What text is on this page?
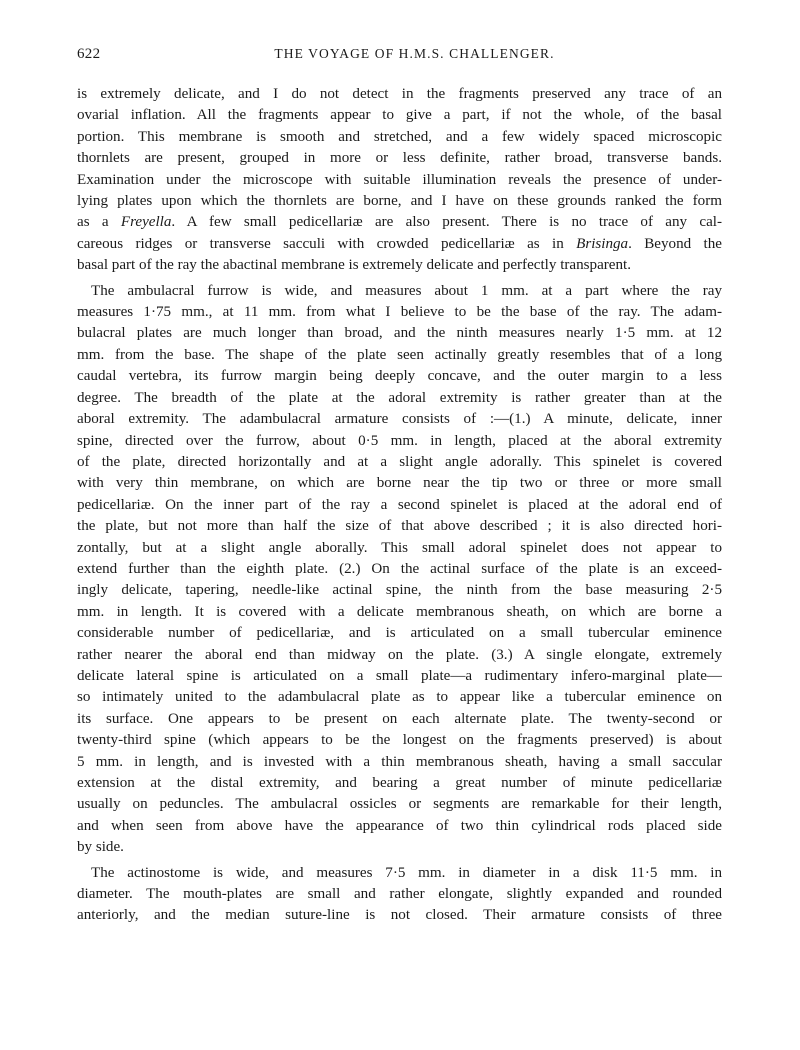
622	THE VOYAGE OF H.M.S. CHALLENGER.
is extremely delicate, and I do not detect in the fragments preserved any trace of an
ovarial inflation. All the fragments appear to give a part, if not the whole, of the basal
portion. This membrane is smooth and stretched, and a few widely spaced microscopic
thornlets are present, grouped in more or less definite, rather broad, transverse bands.
Examination under the microscope with suitable illumination reveals the presence of under-
lying plates upon which the thornlets are borne, and I have on these grounds ranked the form
as a Freyella. A few small pedicellariæ are also present. There is no trace of any cal-
careous ridges or transverse sacculi with crowded pedicellariæ as in Brisinga. Beyond the
basal part of the ray the abactinal membrane is extremely delicate and perfectly transparent.
The ambulacral furrow is wide, and measures about 1 mm. at a part where the ray
measures 1·75 mm., at 11 mm. from what I believe to be the base of the ray. The adam-
bulacral plates are much longer than broad, and the ninth measures nearly 1·5 mm. at 12
mm. from the base. The shape of the plate seen actinally greatly resembles that of a long
caudal vertebra, its furrow margin being deeply concave, and the outer margin to a less
degree. The breadth of the plate at the adoral extremity is rather greater than at the
aboral extremity. The adambulacral armature consists of :—(1.) A minute, delicate, inner
spine, directed over the furrow, about 0·5 mm. in length, placed at the aboral extremity
of the plate, directed horizontally and at a slight angle adorally. This spinelet is covered
with very thin membrane, on which are borne near the tip two or three or more small
pedicellariæ. On the inner part of the ray a second spinelet is placed at the adoral end of
the plate, but not more than half the size of that above described ; it is also directed hori-
zontally, but at a slight angle aborally. This small adoral spinelet does not appear to
extend further than the eighth plate. (2.) On the actinal surface of the plate is an exceed-
ingly delicate, tapering, needle-like actinal spine, the ninth from the base measuring 2·5
mm. in length. It is covered with a delicate membranous sheath, on which are borne a
considerable number of pedicellariæ, and is articulated on a small tubercular eminence
rather nearer the aboral end than midway on the plate. (3.) A single elongate, extremely
delicate lateral spine is articulated on a small plate—a rudimentary infero-marginal plate—
so intimately united to the adambulacral plate as to appear like a tubercular eminence on
its surface. One appears to be present on each alternate plate. The twenty-second or
twenty-third spine (which appears to be the longest on the fragments preserved) is about
5 mm. in length, and is invested with a thin membranous sheath, having a small saccular
extension at the distal extremity, and bearing a great number of minute pedicellariæ
usually on peduncles. The ambulacral ossicles or segments are remarkable for their length,
and when seen from above have the appearance of two thin cylindrical rods placed side
by side.
The actinostome is wide, and measures 7·5 mm. in diameter in a disk 11·5 mm. in
diameter. The mouth-plates are small and rather elongate, slightly expanded and rounded
anteriorly, and the median suture-line is not closed. Their armature consists of three
